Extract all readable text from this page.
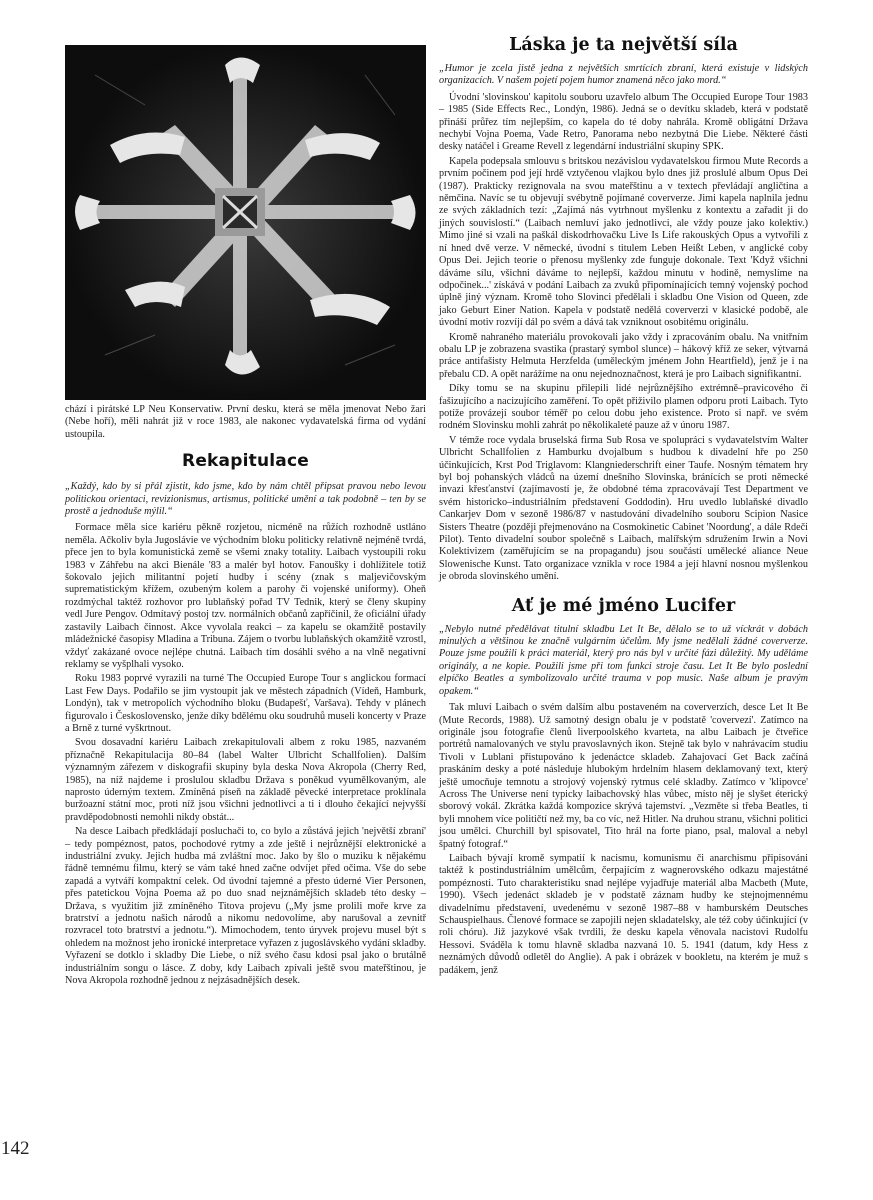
chází i pirátské LP Neu Konservatiw. První desku, která se měla jmenovat Nebo žari (Nebe hoří), měli nahrát již v roce 1983, ale nakonec vydavatelská firma od vydání ustoupila.
Rekapitulace

„Každý, kdo by si přál zjistit, kdo jsme, kdo by nám chtěl připsat pravou nebo levou politickou orientaci, revizionismus, artismus, politické umění a tak podobně – ten by se prostě a jednoduše mýlil.“

Formace měla sice kariéru pěkně rozjetou, nicméně na růžích rozhodně ustláno neměla. Ačkoliv byla Jugoslávie ve východním bloku politicky relativně nejméně tvrdá, přece jen to byla komunistická země se všemi znaky totality. Laibach vystoupili roku 1983 v Záhřebu na akci Bienále '83 a malér byl hotov. Fanoušky i dohlížitele totiž šokovalo jejich militantní pojetí hudby i scény (znak s maljevičovským suprematistickým křížem, ozubeným kolem a parohy či vojenské uniformy). Oheň rozdmýchal taktéž rozhovor pro lublaňský pořad TV Tednik, který se členy skupiny vedl Jure Pengov. Odmítavý postoj tzv. normálních občanů zapříčinil, že oficiální úřady zastavily Laibach činnost. Akce vyvolala reakci – za kapelu se okamžitě postavily mládežnické časopisy Mladina a Tribuna. Zájem o tvorbu lublaňských okamžitě vzrostl, vždyť zakázané ovoce nejlépe chutná. Laibach tím dosáhli svého a na vlně negativní reklamy se vyšplhali vysoko.

Roku 1983 poprvé vyrazili na turné The Occupied Europe Tour s anglickou formací Last Few Days. Podařilo se jim vystoupit jak ve městech západních (Vídeň, Hamburk, Londýn), tak v metropolích východního bloku (Budapešť, Varšava). Tehdy v plánech figurovalo i Československo, jenže díky bdělému oku soudruhů museli koncerty v Praze a Brně z turné vyškrtnout.

Svou dosavadní kariéru Laibach zrekapitulovali albem z roku 1985, nazvaném příznačně Rekapitulacija 80–84 (label Walter Ulbricht Schallfolien). Dalším významným zářezem v diskografii skupiny byla deska Nova Akropola (Cherry Red, 1985), na níž najdeme i proslulou skladbu Država s poněkud vyumělkovaným, ale naprosto úderným textem. Zmíněná píseň na základě pěvecké interpretace proklínala buržoazní státní moc, proti níž jsou všichni jednotlivci a ti i dlouho čekající nejvyšší pravděpodobnosti nemohli nikdy obstát...

Na desce Laibach předkládají posluchači to, co bylo a zůstává jejich 'největší zbraní' – tedy pompéznost, patos, pochodové rytmy a zde ještě i nejrůznější elektronické a industriální zvuky. Jejich hudba má zvláštní moc. Jako by šlo o muziku k nějakému řádně temnému filmu, který se vám také hned začne odvíjet před očima. Vše do sebe zapadá a vytváří kompaktní celek. Od úvodní tajemné a přesto úderné Vier Personen, přes patetickou Vojna Poema až po duo snad nejznámějších skladeb této desky – Država, s využitím již zmíněného Titova projevu („My jsme prolili moře krve za bratrství a jednotu našich národů a nikomu nedovolíme, aby narušoval a zevnitř rozvracel toto bratrství a jednotu.“). Mimochodem, tento úryvek projevu musel být s ohledem na možnost jeho ironické interpretace vyřazen z jugoslávského vydání skladby. Vyřazení se dotklo i skladby Die Liebe, o níž svého času kdosi psal jako o brutálně industriálním songu o lásce. Z doby, kdy Laibach zpívali ještě svou mateřštinou, je Nova Akropola rozhodně jednou z nejzásadnějších desek.

Láska je ta největší síla

„Humor je zcela jistě jedna z největších smrtících zbraní, která existuje v lidských organizacích. V našem pojetí pojem humor znamená něco jako mord.“

Úvodní 'slovinskou' kapitolu souboru uzavřelo album The Occupied Europe Tour 1983 – 1985 (Side Effects Rec., Londýn, 1986). Jedná se o devítku skladeb, která v podstatě přináší průřez tím nejlepším, co kapela do té doby nahrála. Kromě obligátní Država nechybí Vojna Poema, Vade Retro, Panorama nebo nezbytná Die Liebe. Některé části desky natáčel i Greame Revell z legendární industriální skupiny SPK.

Kapela podepsala smlouvu s britskou nezávislou vydavatelskou firmou Mute Records a prvním počinem pod její hrdě vztyčenou vlajkou bylo dnes již proslulé album Opus Dei (1987). Prakticky rezignovala na svou mateřštinu a v textech převládají angličtina a němčina. Navíc se tu objevují svébytně pojímané coververze. Jimi kapela naplnila jednu ze svých základních tezí: „Zajímá nás vytrhnout myšlenku z kontextu a zařadit ji do jiných souvislostí.“ (Laibach nemluví jako jednotlivci, ale vždy pouze jako kolektiv.) Mimo jiné si vzali na paškál diskodrhovačku Live Is Life rakouských Opus a vytvořili z ní hned dvě verze. V německé, úvodní s titulem Leben Heißt Leben, v anglické coby Opus Dei. Jejich teorie o přenosu myšlenky zde funguje dokonale. Text 'Když všichni dáváme sílu, všichni dáváme to nejlepší, každou minutu v hodině, nemyslíme na odpočinek...' získává v podání Laibach za zvuků připomínajících temný vojenský pochod úplně jiný význam. Kromě toho Slovinci předělali i skladbu One Vision od Queen, zde jako Geburt Einer Nation. Kapela v podstatě nedělá coververzi v klasické podobě, ale úvodní motiv rozvíjí dál po svém a dává tak vzniknout osobitému originálu.

Kromě nahraného materiálu provokovali jako vždy i zpracováním obalu. Na vnitřním obalu LP je zobrazena svastika (prastarý symbol slunce) – hákový kříž ze seker, výtvarná práce antifašisty Helmuta Herzfelda (uměleckým jménem John Heartfield), jenž je i na přebalu CD. A opět narážíme na onu nejednoznačnost, která je pro Laibach signifikantní.

Díky tomu se na skupinu přilepili lidé nejrůznějšího extrémně–pravicového či fašizujícího a nacizujícího zaměření. To opět přiživilo plamen odporu proti Laibach. Tyto potíže provázejí soubor téměř po celou dobu jeho existence. Proto si např. ve svém rodném Slovinsku mohli zahrát po několikaleté pauze až v únoru 1987.

V témže roce vydala bruselská firma Sub Rosa ve spolupráci s vydavatelstvím Walter Ulbricht Schallfolien z Hamburku dvojalbum s hudbou k divadelní hře po 250 účinkujících, Krst Pod Triglavom: Klangniederschrift einer Taufe. Nosným tématem hry byl boj pohanských vládců na území dnešního Slovinska, bránících se proti německé invazi křesťanství (zajímavostí je, že obdobné téma zpracovávají Test Department ve svém historicko–industriálním představení Goddodin). Hru uvedlo lublaňské divadlo Cankarjev Dom v sezoně 1986/87 v nastudování divadelního souboru Scipion Nasice Sisters Theatre (později přejmenováno na Cosmokinetic Cabinet 'Noordung', a dále Rdeči Pilot). Tento divadelní soubor společně s Laibach, malířským sdružením Irwin a Novi Kolektivizem (zaměřujícím se na propagandu) jsou součástí umělecké aliance Neue Slowenische Kunst. Tato organizace vznikla v roce 1984 a její hlavní nosnou myšlenkou je obroda slovinského umění.

Ať je mé jméno Lucifer

„Nebylo nutné předělávat titulní skladbu Let It Be, dělalo se to už víckrát v dobách minulých a většinou ke značně vulgárním účelům. My jsme nedělali žádné coververze. Pouze jsme použili k práci materiál, který pro nás byl v určité fázi důležitý. My uděláme originály, a ne kopie. Použili jsme při tom funkci stroje času. Let It Be bylo poslední elpíčko Beatles a symbolizovalo určité trauma v pop music. Naše album je pravým opakem.“

Tak mluví Laibach o svém dalším albu postaveném na coververzích, desce Let It Be (Mute Records, 1988). Už samotný design obalu je v podstatě 'covervezí'. Zatímco na originále jsou fotografie členů liverpoolského kvarteta, na albu Laibach je čtveřice portrétů namalovaných ve stylu pravoslavných ikon. Stejně tak bylo v nahrávacím studiu Tivoli v Lublani přistupováno k jedenáctce skladeb. Zahajovací Get Back začíná praskáním desky a poté následuje hlubokým hrdelním hlasem deklamovaný text, který ještě umocňuje temnotu a strojový vojenský rytmus celé skladby. Zatímco v 'klipovce' Across The Universe není typicky laibachovský hlas vůbec, místo něj je slyšet éterický sborový vokál. Zkrátka každá kompozice skrývá tajemství. „Vezměte si třeba Beatles, ti byli mnohem více političtí než my, ba co víc, než Hitler. Na druhou stranu, všichni politici jsou umělci. Churchill byl spisovatel, Tito hrál na forte piano, psal, maloval a nebyl špatný fotograf.“

Laibach bývají kromě sympatií k nacismu, komunismu či anarchismu připisováni taktéž k postindustriálním umělcům, čerpajícím z wagnerovského odkazu majestátné pompéznosti. Tuto charakteristiku snad nejlépe vyjadřuje materiál alba Macbeth (Mute, 1990). Všech jedenáct skladeb je v podstatě záznam hudby ke stejnojmennému divadelnímu představení, uvedenému v sezoně 1987–88 v hamburském Deutsches Schauspielhaus. Členové formace se zapojili nejen skladatelsky, ale též coby účinkující (v roli chóru). Již jazykové však tvrdili, že desku kapela věnovala nacistovi Rudolfu Hessovi. Svádělа k tomu hlavně skladba nazvaná 10. 5. 1941 (datum, kdy Hess z neznámých důvodů odletěl do Anglie). A pak i obrázek v bookletu, na kterém je muž s padákem, jenž

142
